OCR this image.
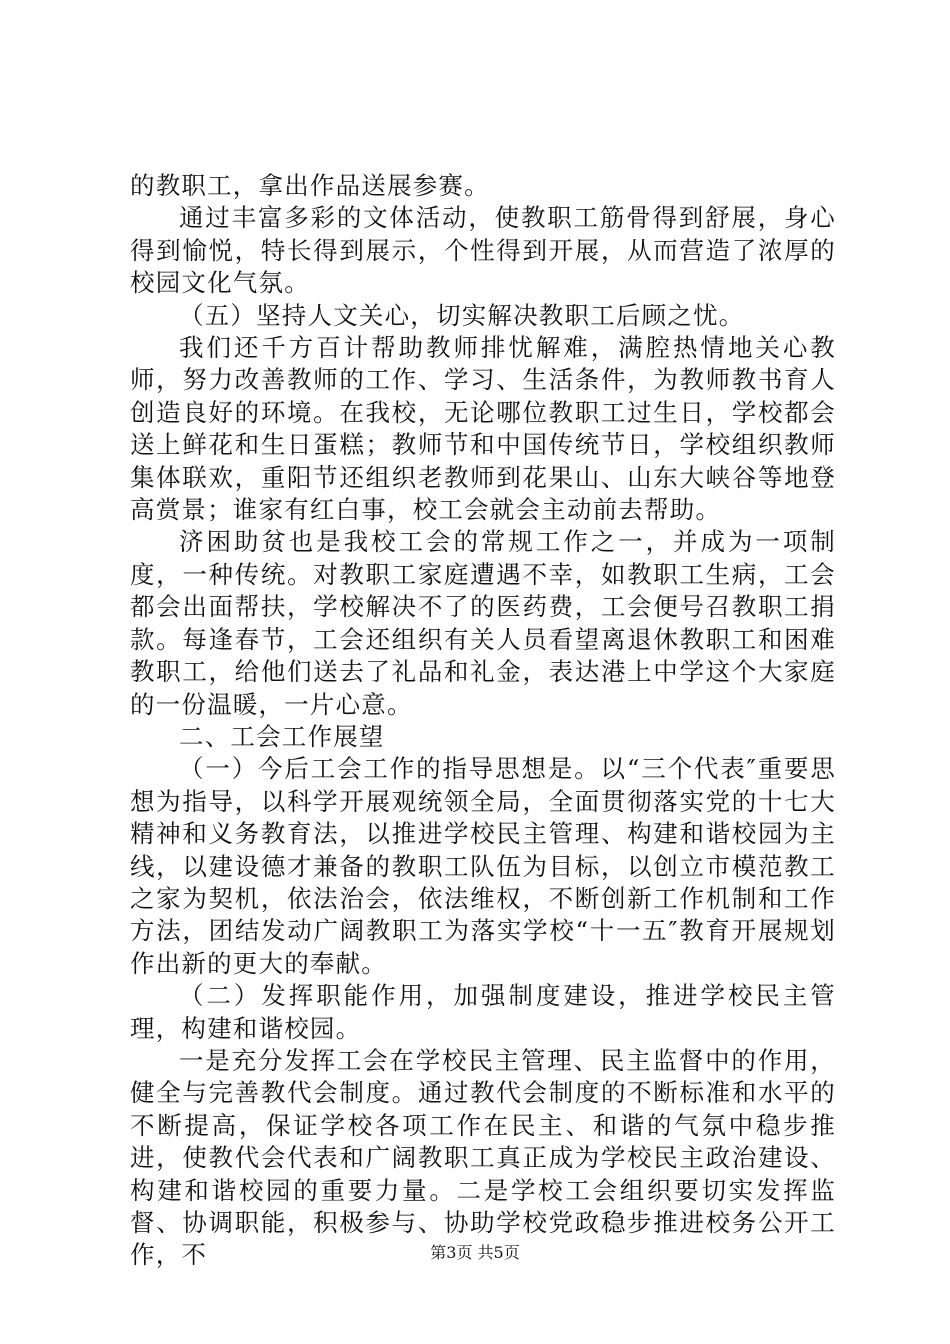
的教职工，拿出作品送展参赛。

通过丰富多彩的文体活动，使教职工筋骨得到舒展，身心得到愉悦，特长得到展示，个性得到开展，从而营造了浓厚的校园文化气氛。

（五）坚持人文关心，切实解决教职工后顾之忧。

我们还千方百计帮助教师排忧解难，满腔热情地关心教师，努力改善教师的工作、学习、生活条件，为教师教书育人创造良好的环境。在我校，无论哪位教职工过生日，学校都会送上鲜花和生日蛋糕；教师节和中国传统节日，学校组织教师集体联欢，重阳节还组织老教师到花果山、山东大峡谷等地登高赏景；谁家有红白事，校工会就会主动前去帮助。

济困助贫也是我校工会的常规工作之一，并成为一项制度，一种传统。对教职工家庭遭遇不幸，如教职工生病，工会都会出面帮扶，学校解决不了的医药费，工会便号召教职工捐款。每逢春节，工会还组织有关人员看望离退休教职工和困难教职工，给他们送去了礼品和礼金，表达港上中学这个大家庭的一份温暖，一片心意。

二、工会工作展望

（一）今后工会工作的指导思想是。以“三个代表″重要思想为指导，以科学开展观统领全局，全面贯彻落实党的十七大精神和义务教育法，以推进学校民主管理、构建和谐校园为主线，以建设德才兼备的教职工队伍为目标，以创立市模范教工之家为契机，依法治会，依法维权，不断创新工作机制和工作方法，团结发动广阔教职工为落实学校“十一五″教育开展规划作出新的更大的奉献。

（二）发挥职能作用，加强制度建设，推进学校民主管理，构建和谐校园。

一是充分发挥工会在学校民主管理、民主监督中的作用，健全与完善教代会制度。通过教代会制度的不断标准和水平的不断提高，保证学校各项工作在民主、和谐的气氛中稳步推进，使教代会代表和广阔教职工真正成为学校民主政治建设、构建和谐校园的重要力量。二是学校工会组织要切实发挥监督、协调职能，积极参与、协助学校党政稳步推进校务公开工作，不	第3页 共5页
